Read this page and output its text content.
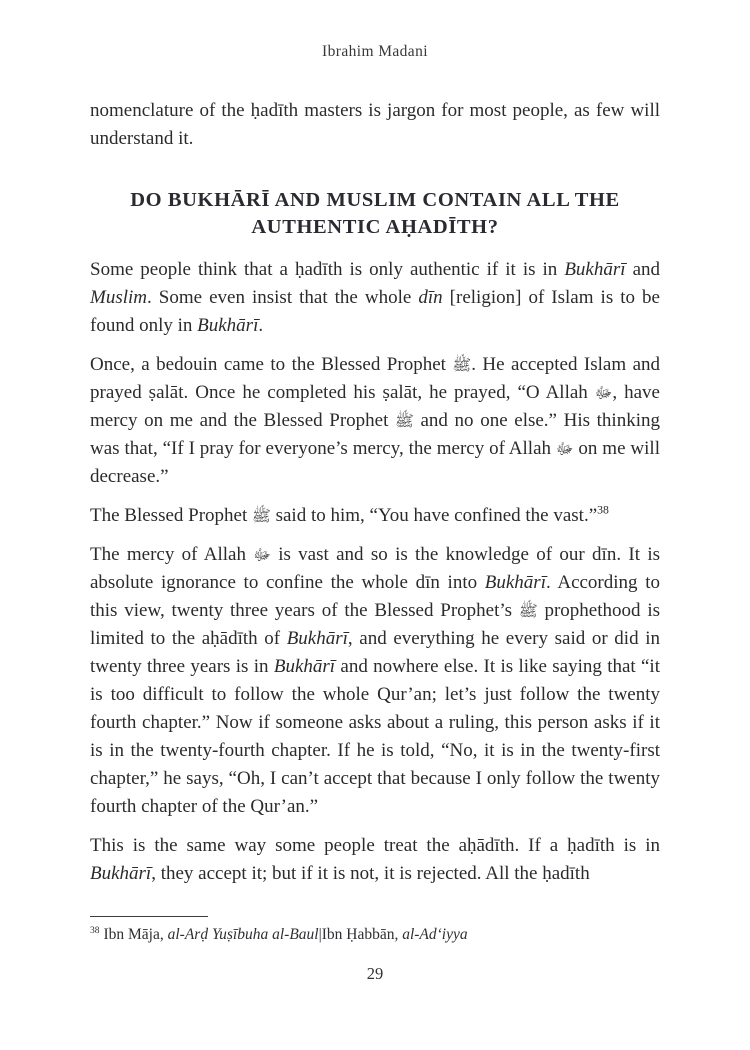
Ibrahim Madani

nomenclature of the ḥadīth masters is jargon for most people, as few will understand it.

DO BUKHĀRĪ AND MUSLIM CONTAIN ALL THE AUTHENTIC AḤADĪTH?

Some people think that a ḥadīth is only authentic if it is in Bukhārī and Muslim. Some even insist that the whole dīn [religion] of Islam is to be found only in Bukhārī.

Once, a bedouin came to the Blessed Prophet ﷺ. He accepted Islam and prayed ṣalāt. Once he completed his ṣalāt, he prayed, “O Allah ﷻ, have mercy on me and the Blessed Prophet ﷺ and no one else.” His thinking was that, “If I pray for everyone’s mercy, the mercy of Allah ﷻ on me will decrease.”

The Blessed Prophet ﷺ said to him, “You have confined the vast.”$^{38}$

The mercy of Allah ﷻ is vast and so is the knowledge of our dīn. It is absolute ignorance to confine the whole dīn into Bukhārī. According to this view, twenty three years of the Blessed Prophet’s ﷺ prophethood is limited to the aḥādīth of Bukhārī, and everything he every said or did in twenty three years is in Bukhārī and nowhere else. It is like saying that “it is too difficult to follow the whole Qur’an; let’s just follow the twenty fourth chapter.” Now if someone asks about a ruling, this person asks if it is in the twenty-fourth chapter. If he is told, “No, it is in the twenty-first chapter,” he says, “Oh, I can’t accept that because I only follow the twenty fourth chapter of the Qur’an.”

This is the same way some people treat the aḥādīth. If a ḥadīth is in Bukhārī, they accept it; but if it is not, it is rejected. All the ḥadīth

$^{38}$ Ibn Māja, al-Arḍ Yuṣībuha al-Baul|Ibn Ḥabbān, al-Ad‘iyya
29
